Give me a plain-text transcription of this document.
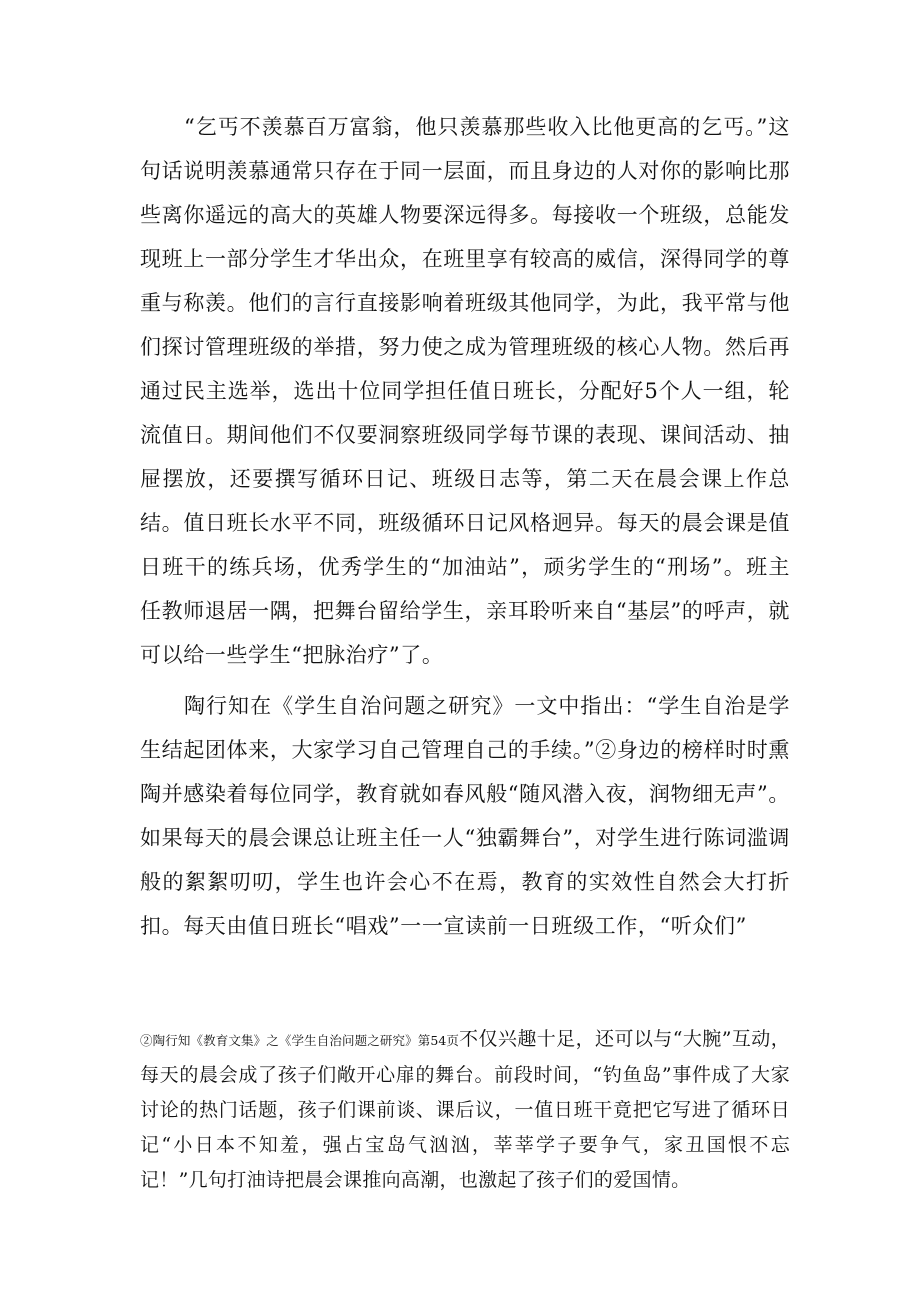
“乞丐不羡慕百万富翁，他只羡慕那些收入比他更高的乞丐。”这句话说明羡慕通常只存在于同一层面，而且身边的人对你的影响比那些离你遥远的高大的英雄人物要深远得多。每接收一个班级，总能发现班上一部分学生才华出众，在班里享有较高的威信，深得同学的尊重与称羡。他们的言行直接影响着班级其他同学，为此，我平常与他们探讨管理班级的举措，努力使之成为管理班级的核心人物。然后再通过民主选举，选出十位同学担任值日班长，分配好5个人一组，轮流值日。期间他们不仅要洞察班级同学每节课的表现、课间活动、抽屉摆放，还要撰写循环日记、班级日志等，第二天在晨会课上作总结。值日班长水平不同，班级循环日记风格迥异。每天的晨会课是值日班干的练兵场，优秀学生的“加油站”，顽劣学生的“刑场”。班主任教师退居一隅，把舞台留给学生，亲耳聆听来自“基层”的呼声，就可以给一些学生“把脉治疗”了。

陶行知在《学生自治问题之研究》一文中指出：“学生自治是学生结起团体来，大家学习自己管理自己的手续。”②身边的榜样时时熏陶并感染着每位同学，教育就如春风般“随风潜入夜，润物细无声”。如果每天的晨会课总让班主任一人“独霸舞台”，对学生进行陈词滥调般的絮絮叨叨，学生也许会心不在焉，教育的实效性自然会大打折扣。每天由值日班长“唱戏”一一宣读前一日班级工作，“听众们”

②陶行知《教育文集》之《学生自治问题之研究》第54页不仅兴趣十足，还可以与“大腕”互动，每天的晨会成了孩子们敞开心扉的舞台。前段时间，“钓鱼岛”事件成了大家讨论的热门话题，孩子们课前谈、课后议，一值日班干竟把它写进了循环日记“小日本不知羞，强占宝岛气汹汹，莘莘学子要争气，家丑国恨不忘记！”几句打油诗把晨会课推向高潮，也激起了孩子们的爱国情。
